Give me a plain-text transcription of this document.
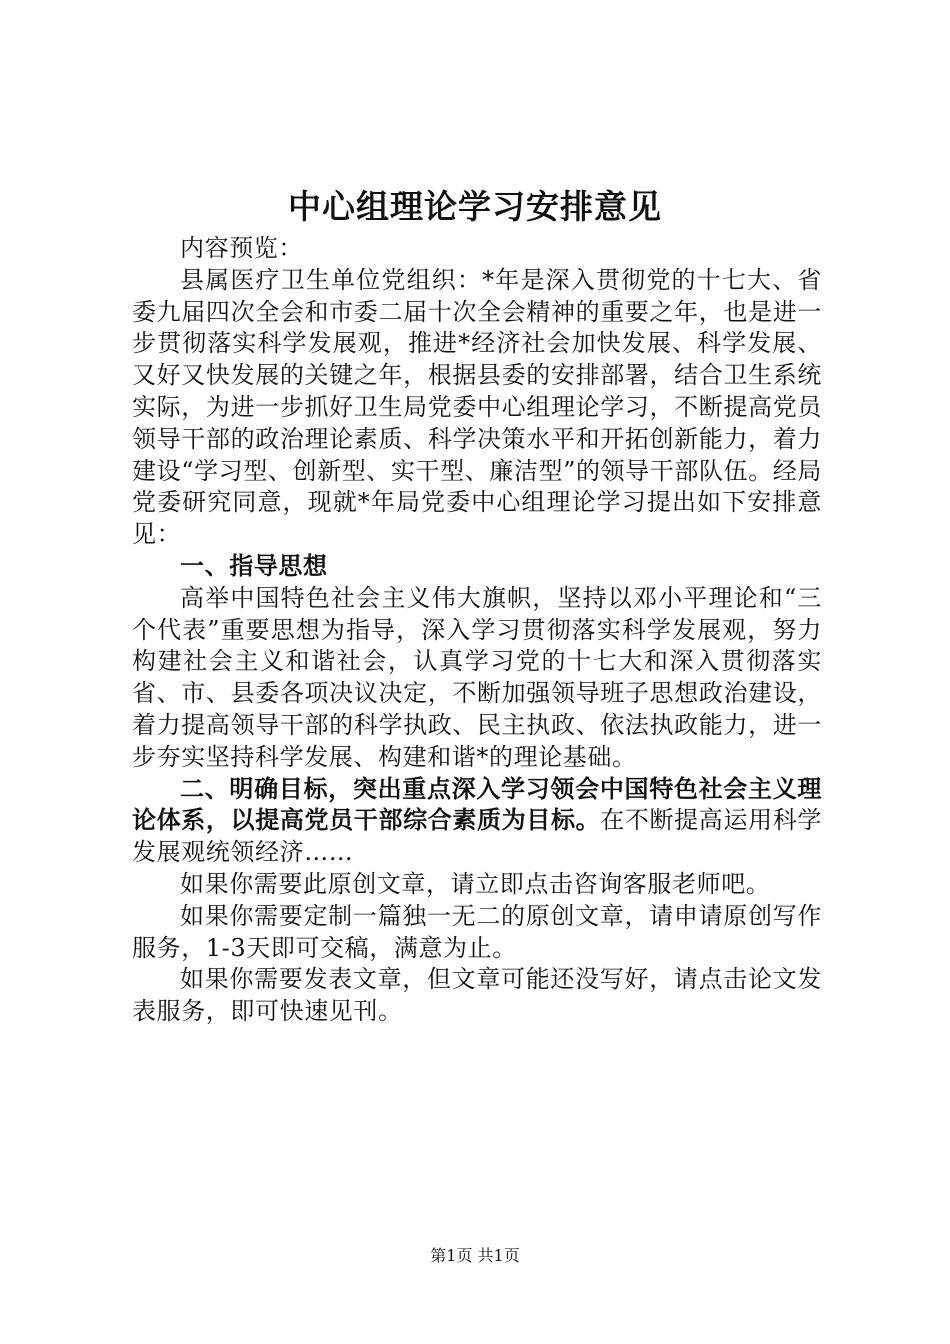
中心组理论学习安排意见

内容预览：

县属医疗卫生单位党组织：*年是深入贯彻党的十七大、省委九届四次全会和市委二届十次全会精神的重要之年，也是进一步贯彻落实科学发展观，推进*经济社会加快发展、科学发展、又好又快发展的关键之年，根据县委的安排部署，结合卫生系统实际，为进一步抓好卫生局党委中心组理论学习，不断提高党员领导干部的政治理论素质、科学决策水平和开拓创新能力，着力建设“学习型、创新型、实干型、廉洁型”的领导干部队伍。经局党委研究同意，现就*年局党委中心组理论学习提出如下安排意见：

一、指导思想

高举中国特色社会主义伟大旗帜，坚持以邓小平理论和“三个代表”重要思想为指导，深入学习贯彻落实科学发展观，努力构建社会主义和谐社会，认真学习党的十七大和深入贯彻落实省、市、县委各项决议决定，不断加强领导班子思想政治建设，着力提高领导干部的科学执政、民主执政、依法执政能力，进一步夯实坚持科学发展、构建和谐*的理论基础。

二、明确目标，突出重点深入学习领会中国特色社会主义理论体系，以提高党员干部综合素质为目标。在不断提高运用科学发展观统领经济……

如果你需要此原创文章，请立即点击咨询客服老师吧。

如果你需要定制一篇独一无二的原创文章，请申请原创写作服务，1-3天即可交稿，满意为止。

如果你需要发表文章，但文章可能还没写好，请点击论文发表服务，即可快速见刊。

第1页 共1页
